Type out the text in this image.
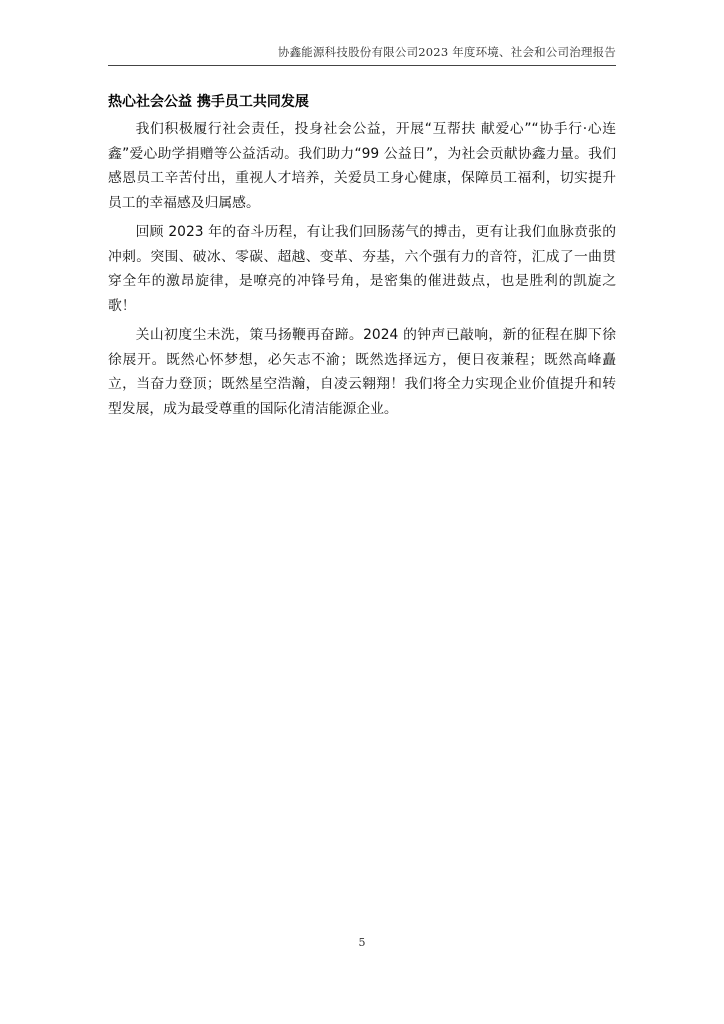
协鑫能源科技股份有限公司2023 年度环境、社会和公司治理报告
热心社会公益 携手员工共同发展

我们积极履行社会责任，投身社会公益，开展“互帮扶 献爱心”“协手行·心连鑫”爱心助学捐赠等公益活动。我们助力“99 公益日”，为社会贡献协鑫力量。我们感恩员工辛苦付出，重视人才培养，关爱员工身心健康，保障员工福利，切实提升员工的幸福感及归属感。

回顾 2023 年的奋斗历程，有让我们回肠荡气的搏击，更有让我们血脉贲张的冲刺。突围、破冰、零碳、超越、变革、夯基，六个强有力的音符，汇成了一曲贯穿全年的激昂旋律，是嘹亮的冲锋号角，是密集的催进鼓点，也是胜利的凯旋之歌！

关山初度尘未洗，策马扬鞭再奋蹄。2024 的钟声已敲响，新的征程在脚下徐徐展开。既然心怀梦想，必矢志不渝；既然选择远方，便日夜兼程；既然高峰矗立，当奋力登顶；既然星空浩瀚，自凌云翱翔！我们将全力实现企业价值提升和转型发展，成为最受尊重的国际化清洁能源企业。

5
